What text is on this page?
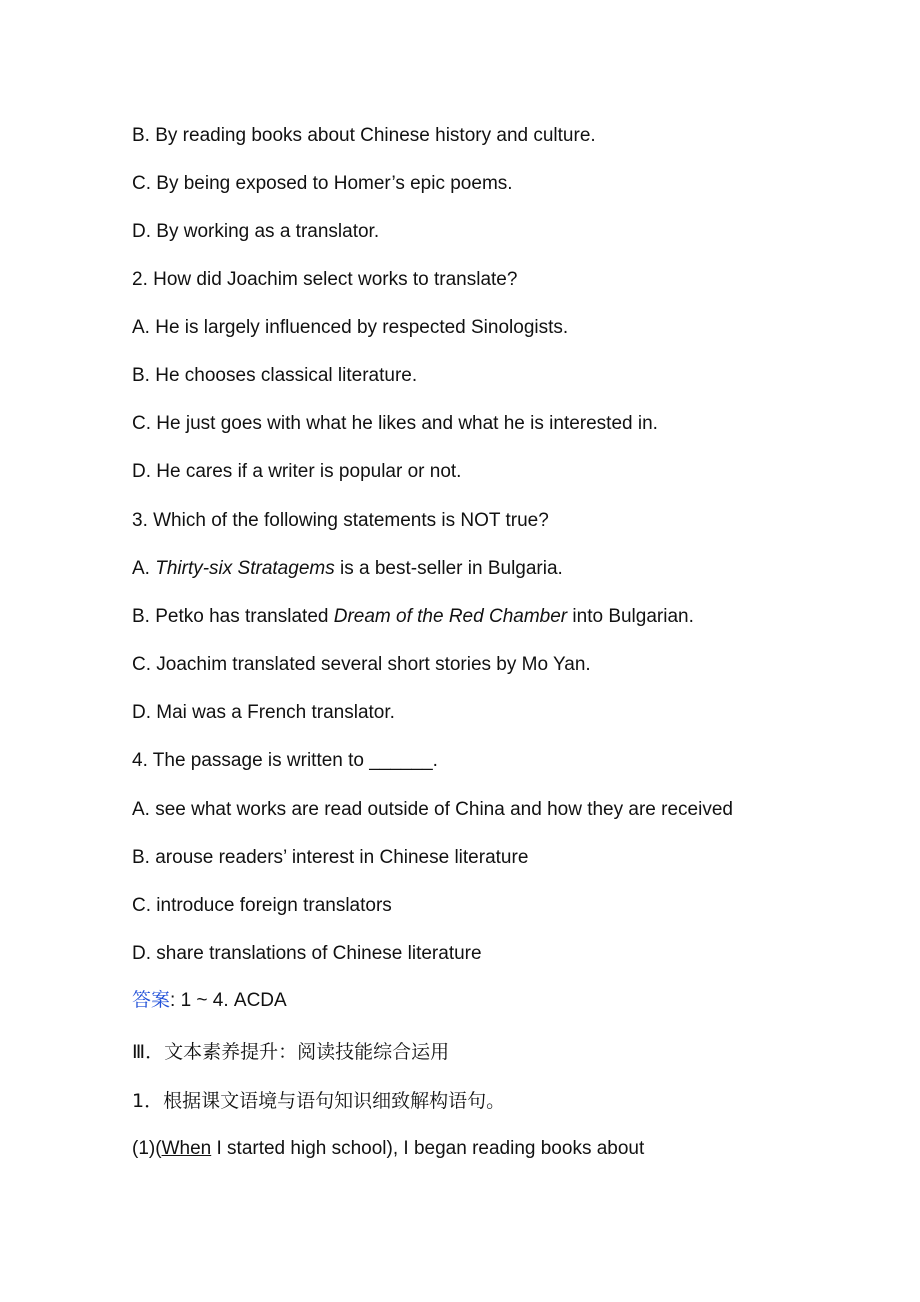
B. By reading books about Chinese history and culture.

C. By being exposed to Homer’s epic poems.

D. By working as a translator.

2. How did Joachim select works to translate?

A. He is largely influenced by respected Sinologists.

B. He chooses classical literature.

C. He just goes with what he likes and what he is interested in.

D. He cares if a writer is popular or not.

3. Which of the following statements is NOT true?

A. Thirty-six Stratagems is a best-seller in Bulgaria.

B. Petko has translated Dream of the Red Chamber into Bulgarian.

C. Joachim translated several short stories by Mo Yan.

D. Mai was a French translator.

4. The passage is written to ______.

A. see what works are read outside of China and how they are received

B. arouse readers’ interest in Chinese literature

C. introduce foreign translators

D. share translations of Chinese literature

答案: 1 ~ 4. ACDA

Ⅲ．文本素养提升：阅读技能综合运用

1．根据课文语境与语句知识细致解构语句。

(1)(When I started high school), I began reading books about
